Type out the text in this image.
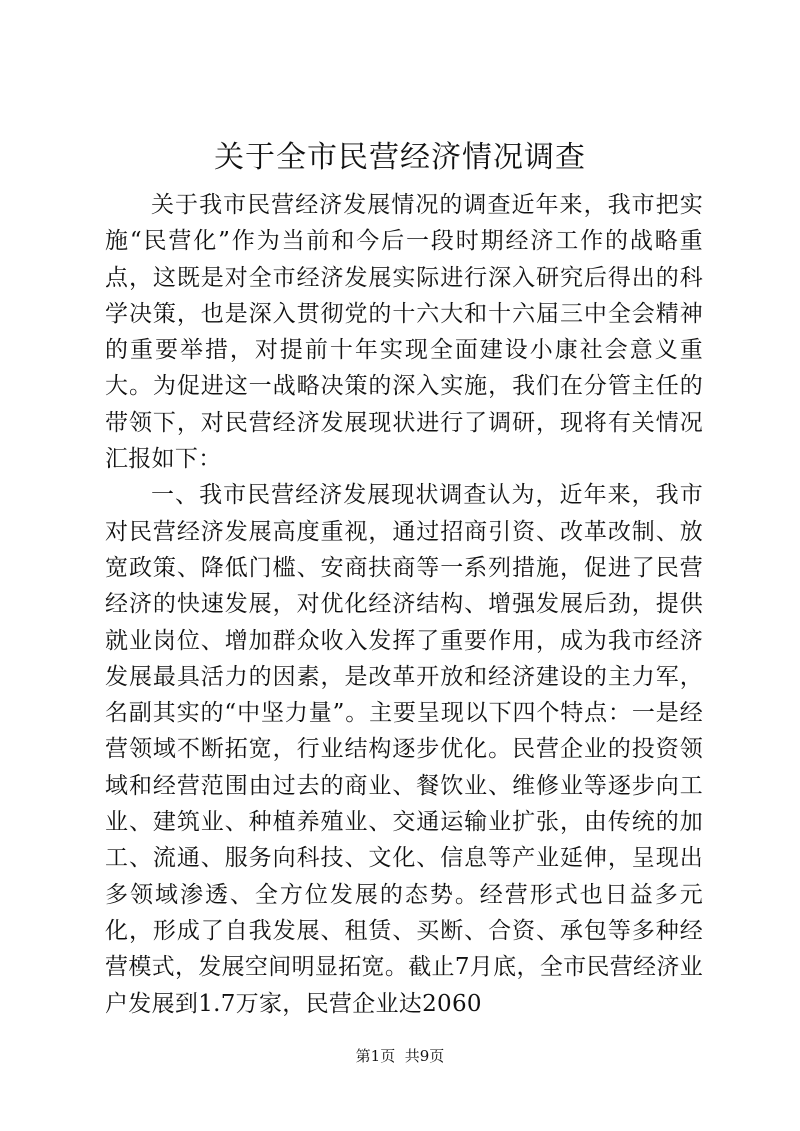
关于全市民营经济情况调查

关于我市民营经济发展情况的调查近年来，我市把实施“民营化”作为当前和今后一段时期经济工作的战略重点，这既是对全市经济发展实际进行深入研究后得出的科学决策，也是深入贯彻党的十六大和十六届三中全会精神的重要举措，对提前十年实现全面建设小康社会意义重大。为促进这一战略决策的深入实施，我们在分管主任的带领下，对民营经济发展现状进行了调研，现将有关情况汇报如下：

一、我市民营经济发展现状调查认为，近年来，我市对民营经济发展高度重视，通过招商引资、改革改制、放宽政策、降低门槛、安商扶商等一系列措施，促进了民营经济的快速发展，对优化经济结构、增强发展后劲，提供就业岗位、增加群众收入发挥了重要作用，成为我市经济发展最具活力的因素，是改革开放和经济建设的主力军，名副其实的“中坚力量”。主要呈现以下四个特点：一是经营领域不断拓宽，行业结构逐步优化。民营企业的投资领域和经营范围由过去的商业、餐饮业、维修业等逐步向工业、建筑业、种植养殖业、交通运输业扩张，由传统的加工、流通、服务向科技、文化、信息等产业延伸，呈现出多领域渗透、全方位发展的态势。经营形式也日益多元化，形成了自我发展、租赁、买断、合资、承包等多种经营模式，发展空间明显拓宽。截止7月底，全市民营经济业户发展到1.7万家，民营企业达2060

第1页 共9页
